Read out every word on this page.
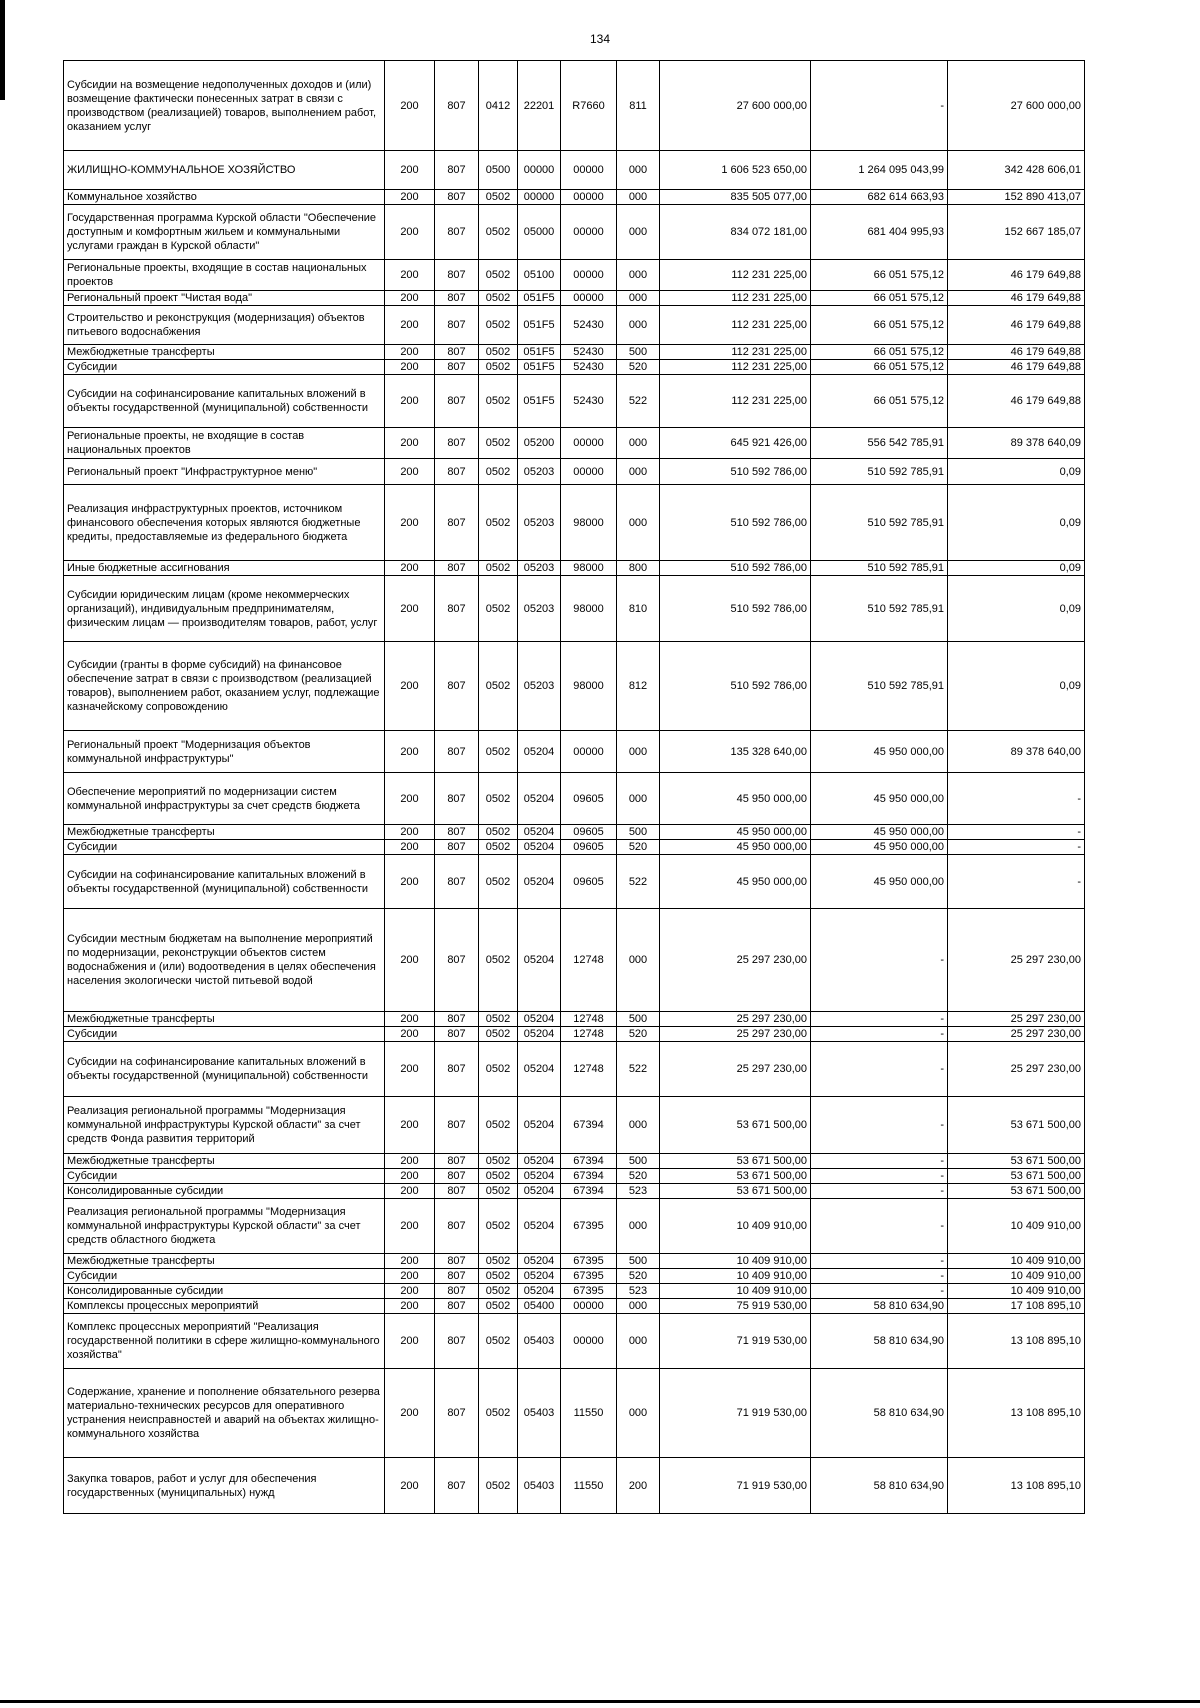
134
Субсидии на возмещение недополученных доходов и (или) возмещение фактически понесенных затрат в связи с производством (реализацией) товаров, выполнением работ, оказанием услуг	200	807	0412	22201	R7660	811	27 600 000,00	-	27 600 000,00
ЖИЛИЩНО-КОММУНАЛЬНОЕ ХОЗЯЙСТВО	200	807	0500	00000	00000	000	1 606 523 650,00	1 264 095 043,99	342 428 606,01
Коммунальное хозяйство	200	807	0502	00000	00000	000	835 505 077,00	682 614 663,93	152 890 413,07
Государственная программа Курской области "Обеспечение доступным и комфортным жильем и коммунальными услугами граждан в Курской области"	200	807	0502	05000	00000	000	834 072 181,00	681 404 995,93	152 667 185,07
Региональные проекты, входящие в состав национальных проектов	200	807	0502	05100	00000	000	112 231 225,00	66 051 575,12	46 179 649,88
Региональный проект "Чистая вода"	200	807	0502	051F5	00000	000	112 231 225,00	66 051 575,12	46 179 649,88
Строительство и реконструкция (модернизация) объектов питьевого водоснабжения	200	807	0502	051F5	52430	000	112 231 225,00	66 051 575,12	46 179 649,88
Межбюджетные трансферты	200	807	0502	051F5	52430	500	112 231 225,00	66 051 575,12	46 179 649,88
Субсидии	200	807	0502	051F5	52430	520	112 231 225,00	66 051 575,12	46 179 649,88
Субсидии на софинансирование капитальных вложений в объекты государственной (муниципальной) собственности	200	807	0502	051F5	52430	522	112 231 225,00	66 051 575,12	46 179 649,88
Региональные проекты, не входящие в состав национальных проектов	200	807	0502	05200	00000	000	645 921 426,00	556 542 785,91	89 378 640,09
Региональный проект "Инфраструктурное меню"	200	807	0502	05203	00000	000	510 592 786,00	510 592 785,91	0,09
Реализация инфраструктурных проектов, источником финансового обеспечения которых являются бюджетные кредиты, предоставляемые из федерального бюджета	200	807	0502	05203	98000	000	510 592 786,00	510 592 785,91	0,09
Иные бюджетные ассигнования	200	807	0502	05203	98000	800	510 592 786,00	510 592 785,91	0,09
Субсидии юридическим лицам (кроме некоммерческих организаций), индивидуальным предпринимателям, физическим лицам — производителям товаров, работ, услуг	200	807	0502	05203	98000	810	510 592 786,00	510 592 785,91	0,09
Субсидии (гранты в форме субсидий) на финансовое обеспечение затрат в связи с производством (реализацией товаров), выполнением работ, оказанием услуг, подлежащие казначейскому сопровождению	200	807	0502	05203	98000	812	510 592 786,00	510 592 785,91	0,09
Региональный проект "Модернизация объектов коммунальной инфраструктуры"	200	807	0502	05204	00000	000	135 328 640,00	45 950 000,00	89 378 640,00
Обеспечение мероприятий по модернизации систем коммунальной инфраструктуры за счет средств бюджета	200	807	0502	05204	09605	000	45 950 000,00	45 950 000,00	-
Межбюджетные трансферты	200	807	0502	05204	09605	500	45 950 000,00	45 950 000,00	-
Субсидии	200	807	0502	05204	09605	520	45 950 000,00	45 950 000,00	-
Субсидии на софинансирование капитальных вложений в объекты государственной (муниципальной) собственности	200	807	0502	05204	09605	522	45 950 000,00	45 950 000,00	-
Субсидии местным бюджетам на выполнение мероприятий по модернизации, реконструкции объектов систем водоснабжения и (или) водоотведения в целях обеспечения населения экологически чистой питьевой водой	200	807	0502	05204	12748	000	25 297 230,00	-	25 297 230,00
Межбюджетные трансферты	200	807	0502	05204	12748	500	25 297 230,00	-	25 297 230,00
Субсидии	200	807	0502	05204	12748	520	25 297 230,00	-	25 297 230,00
Субсидии на софинансирование капитальных вложений в объекты государственной (муниципальной) собственности	200	807	0502	05204	12748	522	25 297 230,00	-	25 297 230,00
Реализация региональной программы "Модернизация коммунальной инфраструктуры Курской области" за счет средств Фонда развития территорий	200	807	0502	05204	67394	000	53 671 500,00	-	53 671 500,00
Межбюджетные трансферты	200	807	0502	05204	67394	500	53 671 500,00	-	53 671 500,00
Субсидии	200	807	0502	05204	67394	520	53 671 500,00	-	53 671 500,00
Консолидированные субсидии	200	807	0502	05204	67394	523	53 671 500,00	-	53 671 500,00
Реализация региональной программы "Модернизация коммунальной инфраструктуры Курской области" за счет средств областного бюджета	200	807	0502	05204	67395	000	10 409 910,00	-	10 409 910,00
Межбюджетные трансферты	200	807	0502	05204	67395	500	10 409 910,00	-	10 409 910,00
Субсидии	200	807	0502	05204	67395	520	10 409 910,00	-	10 409 910,00
Консолидированные субсидии	200	807	0502	05204	67395	523	10 409 910,00	-	10 409 910,00
Комплексы процессных мероприятий	200	807	0502	05400	00000	000	75 919 530,00	58 810 634,90	17 108 895,10
Комплекс процессных мероприятий "Реализация государственной политики в сфере жилищно-коммунального хозяйства"	200	807	0502	05403	00000	000	71 919 530,00	58 810 634,90	13 108 895,10
Содержание, хранение и пополнение обязательного резерва материально-технических ресурсов для оперативного устранения неисправностей и аварий на объектах жилищно-коммунального хозяйства	200	807	0502	05403	11550	000	71 919 530,00	58 810 634,90	13 108 895,10
Закупка товаров, работ и услуг для обеспечения государственных (муниципальных) нужд	200	807	0502	05403	11550	200	71 919 530,00	58 810 634,90	13 108 895,10
